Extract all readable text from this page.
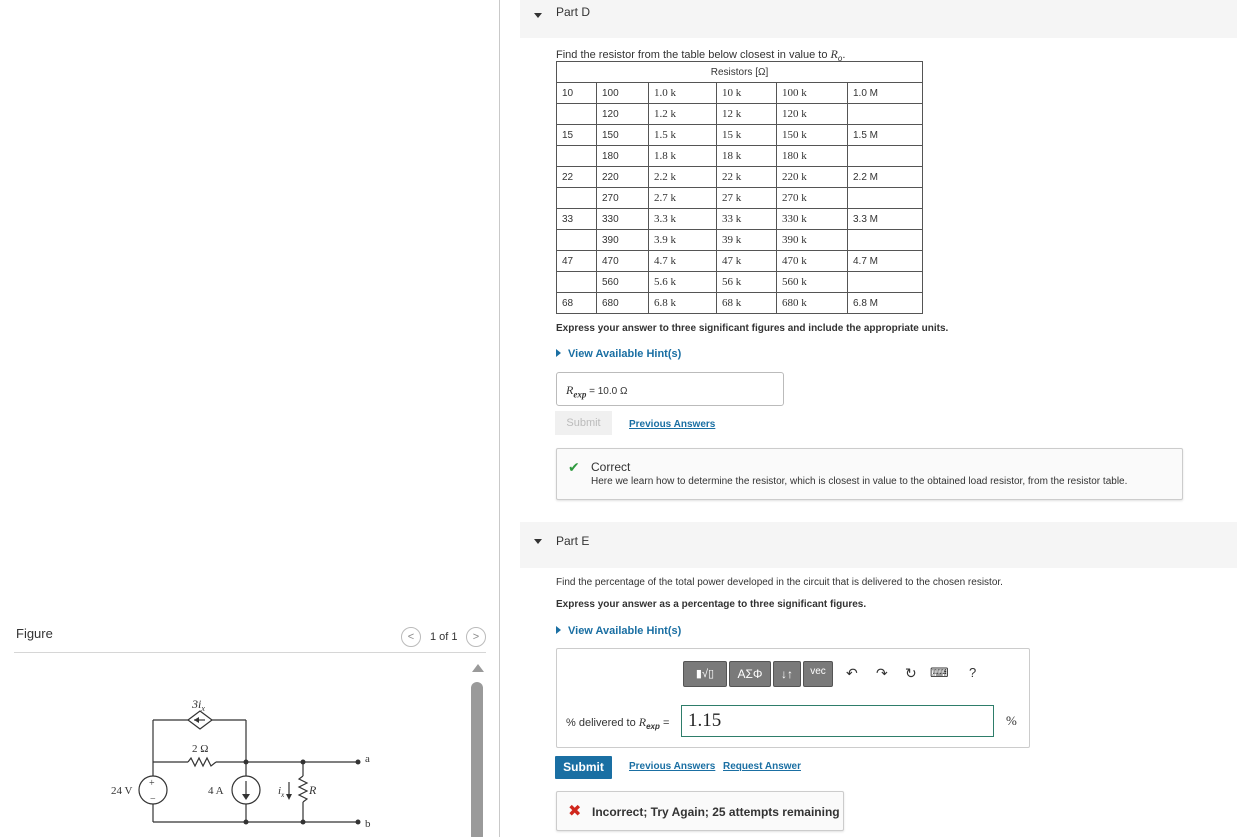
Figure	<	1 of 1	>
$3i_x$
2 Ω
24 V
+
−
4 A	$i_x$ R
a
b
Part D
Find the resistor from the table below closest in value to $R_o$.
Resistors [Ω]					
10	100	1.0 k	10 k	100 k	1.0 M
	120	1.2 k	12 k	120 k	
15	150	1.5 k	15 k	150 k	1.5 M
	180	1.8 k	18 k	180 k	
22	220	2.2 k	22 k	220 k	2.2 M
	270	2.7 k	27 k	270 k	
33	330	3.3 k	33 k	330 k	3.3 M
	390	3.9 k	39 k	390 k	
47	470	4.7 k	47 k	470 k	4.7 M
	560	5.6 k	56 k	560 k	
68	680	6.8 k	68 k	680 k	6.8 M
Express your answer to three significant figures and include the appropriate units.
View Available Hint(s)
$R_{exp} = 10.0$ Ω
Submit	Previous Answers
✔ Correct
Here we learn how to determine the resistor, which is closest in value to the obtained load resistor, from the resistor table.
Part E
Find the percentage of the total power developed in the circuit that is delivered to the chosen resistor.
Express your answer as a percentage to three significant figures.
View Available Hint(s)
▮√▯	ΑΣΦ	↓↑	vec	↶ ↷ ↻ ⌨ ?
% delivered to $R_{exp} = 1.15$	%
Submit	Previous Answers Request Answer
✖ Incorrect; Try Again; 25 attempts remaining
